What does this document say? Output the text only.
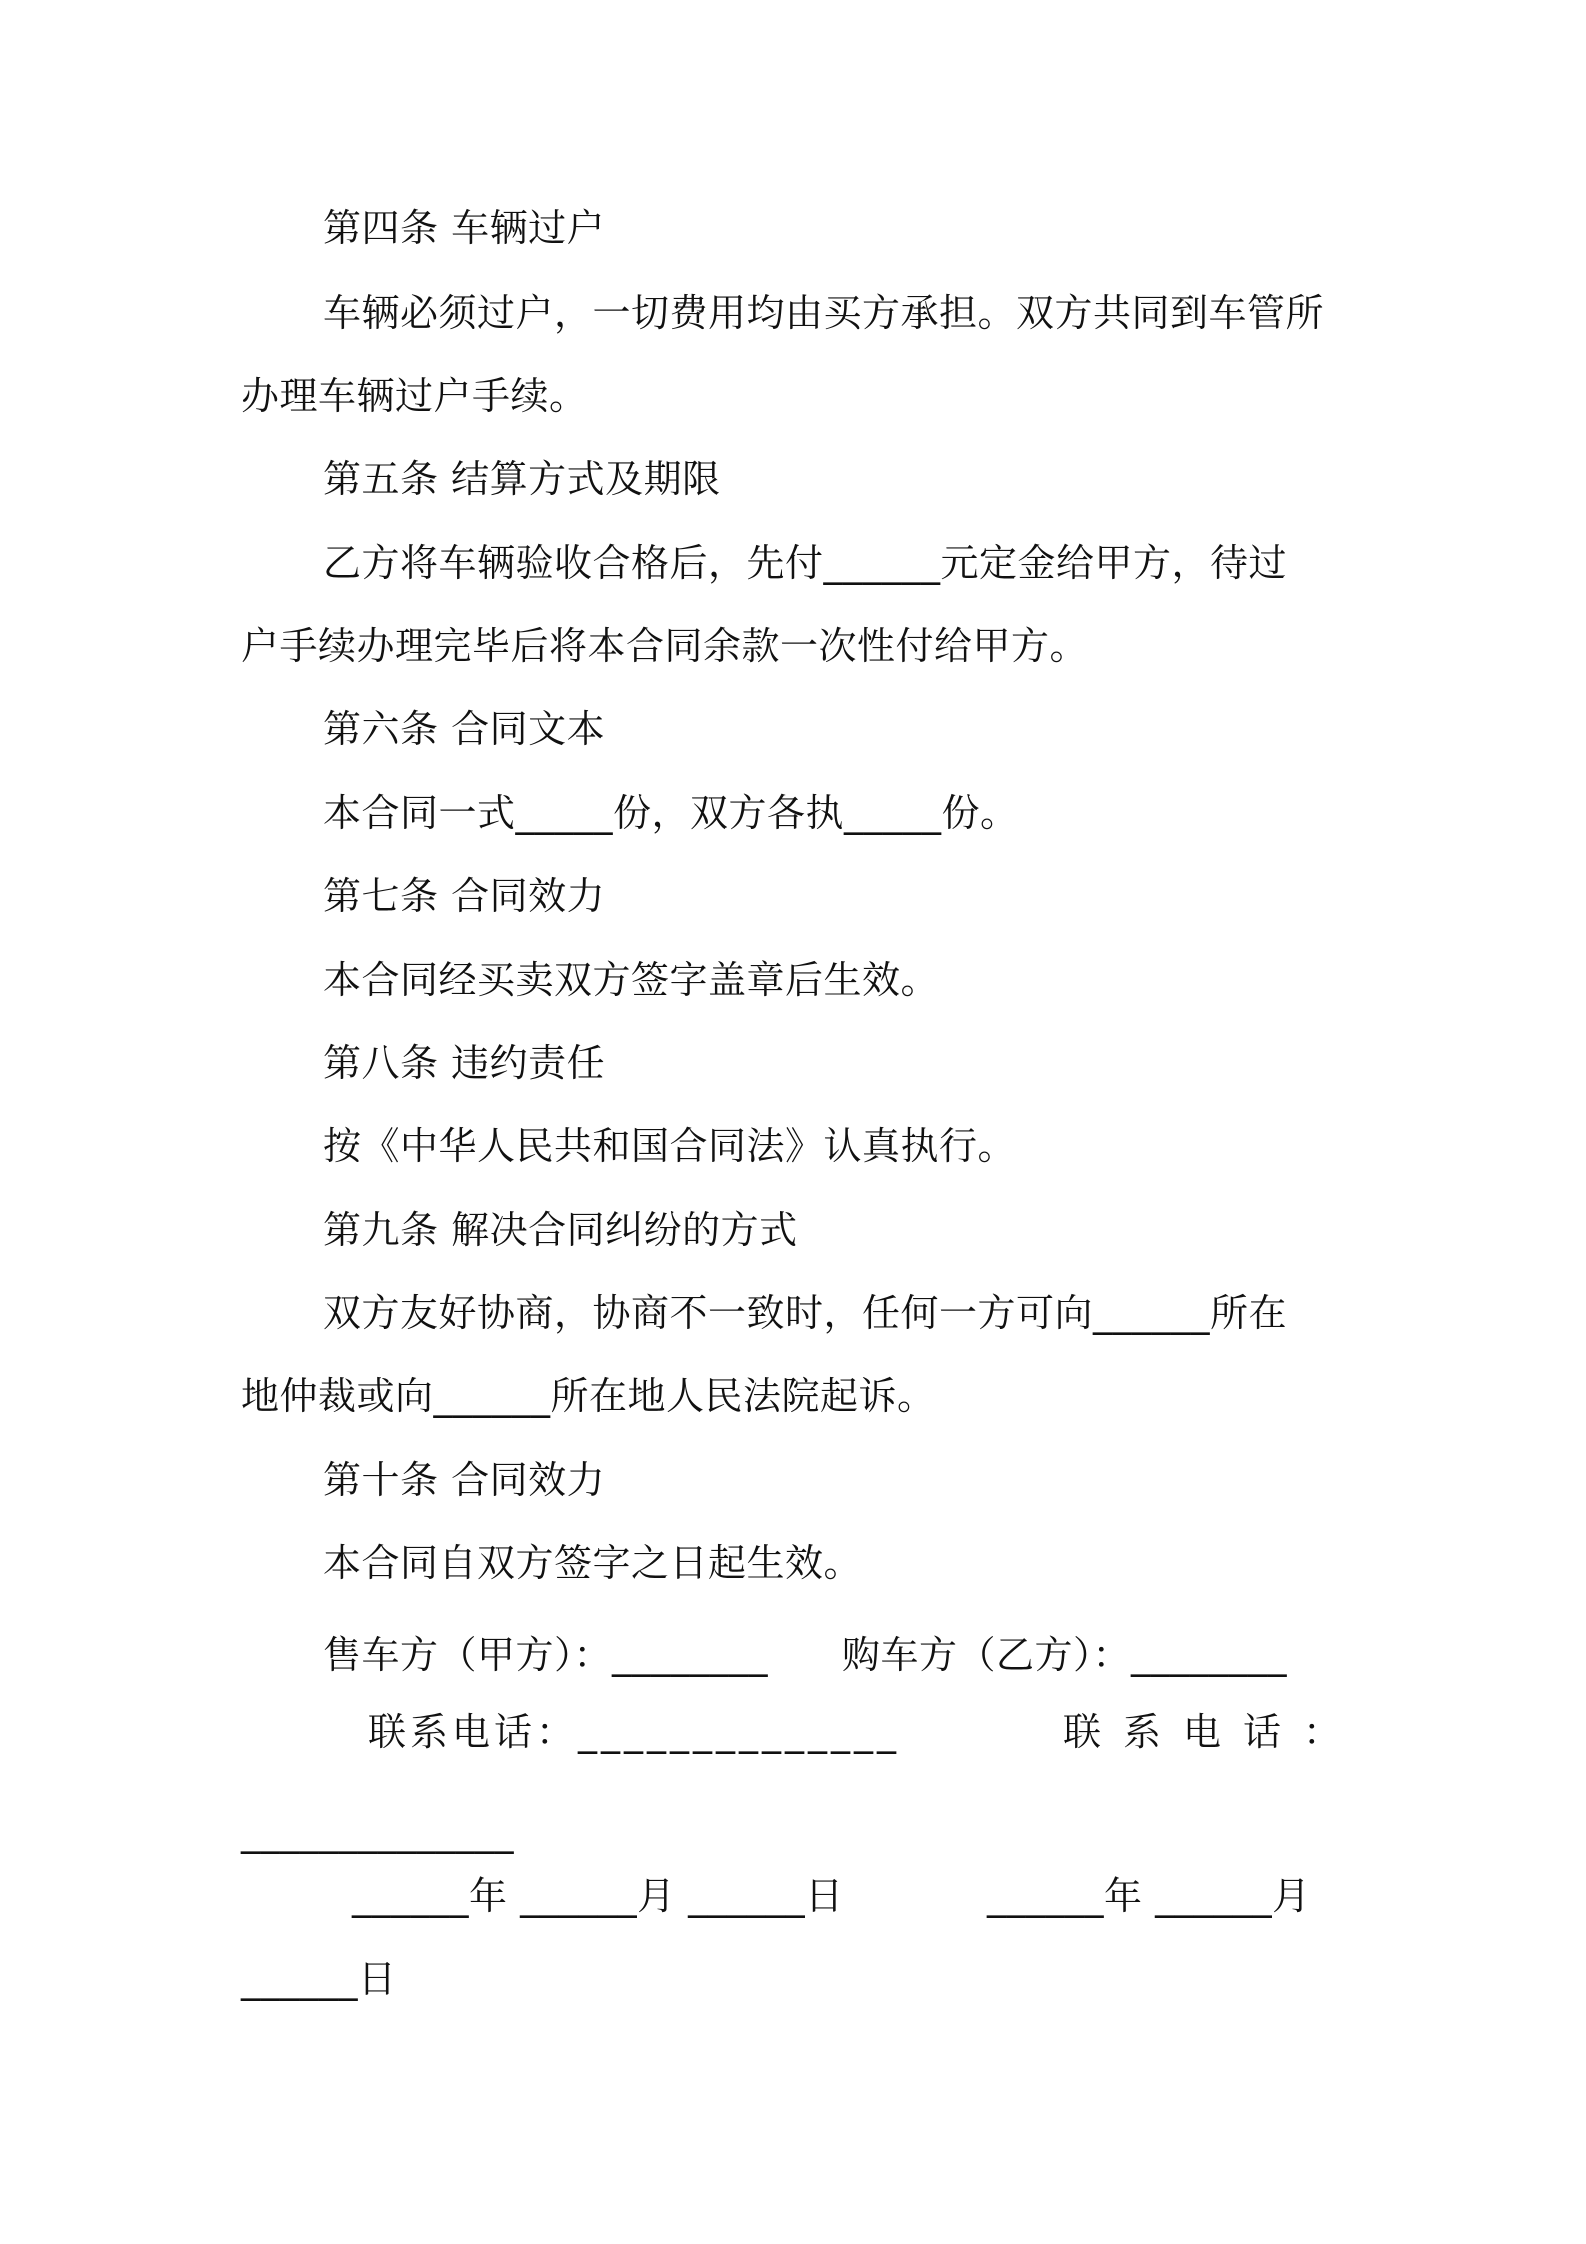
第四条 车辆过户
车辆必须过户，一切费用均由买方承担。双方共同到车管所
办理车辆过户手续。
第五条 结算方式及期限
乙方将车辆验收合格后，先付______元定金给甲方，待过
户手续办理完毕后将本合同余款一次性付给甲方。
第六条 合同文本
本合同一式_____份，双方各执_____份。
第七条 合同效力
本合同经买卖双方签字盖章后生效。
第八条 违约责任
按《中华人民共和国合同法》认真执行。
第九条 解决合同纠纷的方式
双方友好协商，协商不一致时，任何一方可向______所在
地仲裁或向______所在地人民法院起诉。
第十条 合同效力
本合同自双方签字之日起生效。
售车方（甲方）：________ 购车方（乙方）：________
联系电话：______________	联系电话：
______________
______年 ______月 ______日	______年 ______月
______日
